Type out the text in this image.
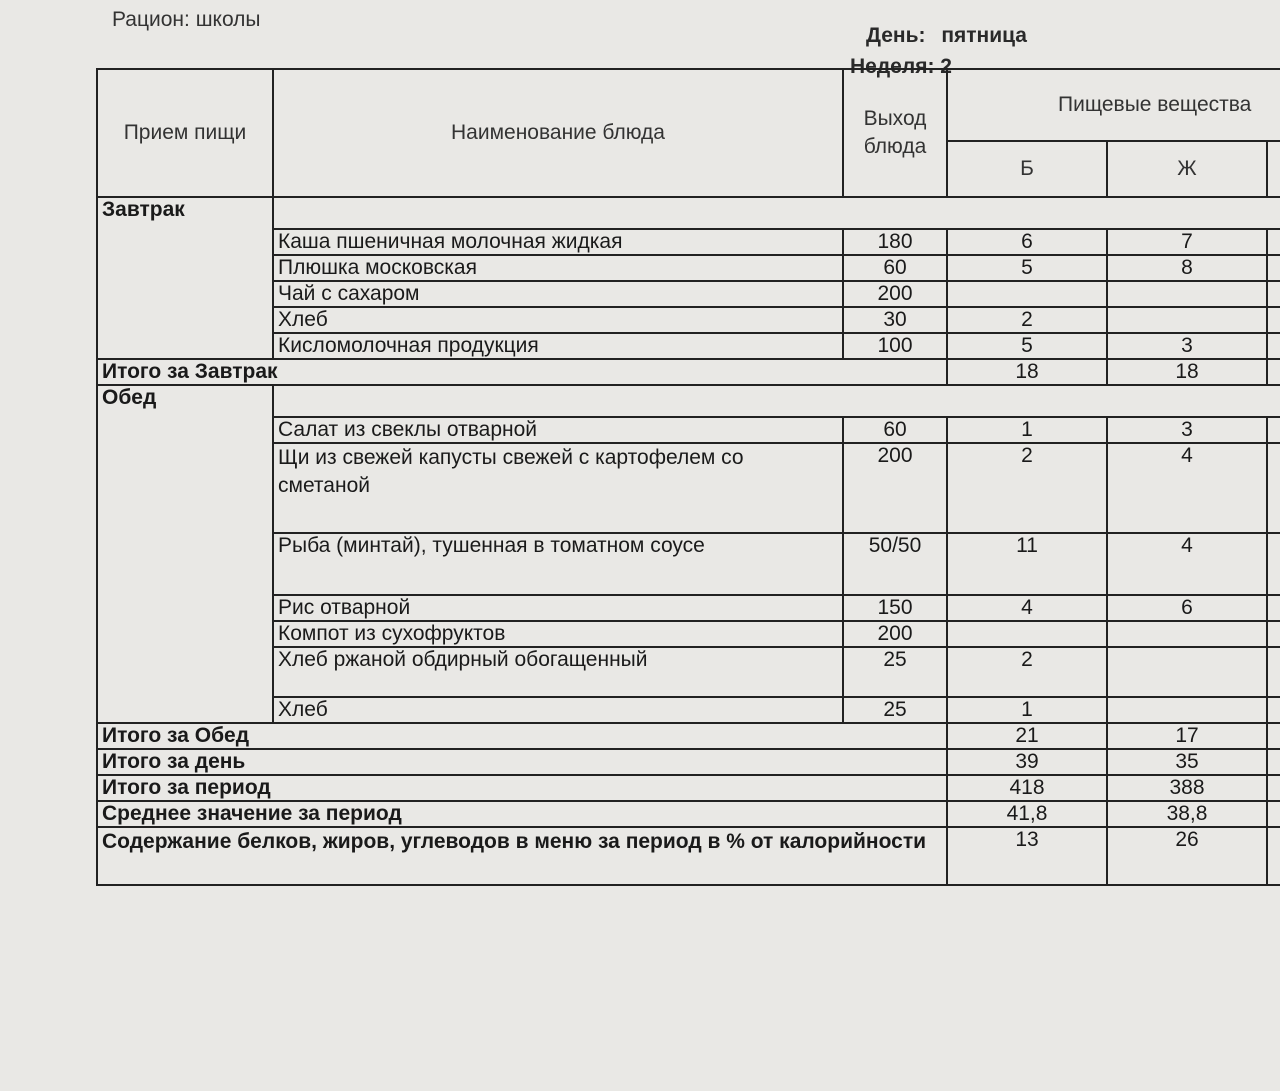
Рацион: школы
День: пятница
Неделя: 2
Прием пищи	Наименование блюда	Выход блюда	Пищевые вещества		
			Б	Ж	
Завтрак					
	Каша пшеничная молочная жидкая	180	6	7	
	Плюшка московская	60	5	8	
	Чай с сахаром	200			
	Хлеб	30	2		
	Кисломолочная продукция	100	5	3	
Итого за Завтрак			18	18	
Обед					
	Салат из свеклы отварной	60	1	3	
	Щи из свежей капусты свежей с картофелем со сметаной	200	2	4	
	Рыба (минтай), тушенная в томатном соусе	50/50	11	4	
	Рис отварной	150	4	6	
	Компот из сухофруктов	200			
	Хлеб ржаной обдирный обогащенный	25	2		
	Хлеб	25	1		
Итого за Обед			21	17	
Итого за день			39	35	
Итого за период			418	388	
Среднее значение за период			41,8	38,8	
Содержание белков, жиров, углеводов в меню за период в % от калорийности			13	26	
